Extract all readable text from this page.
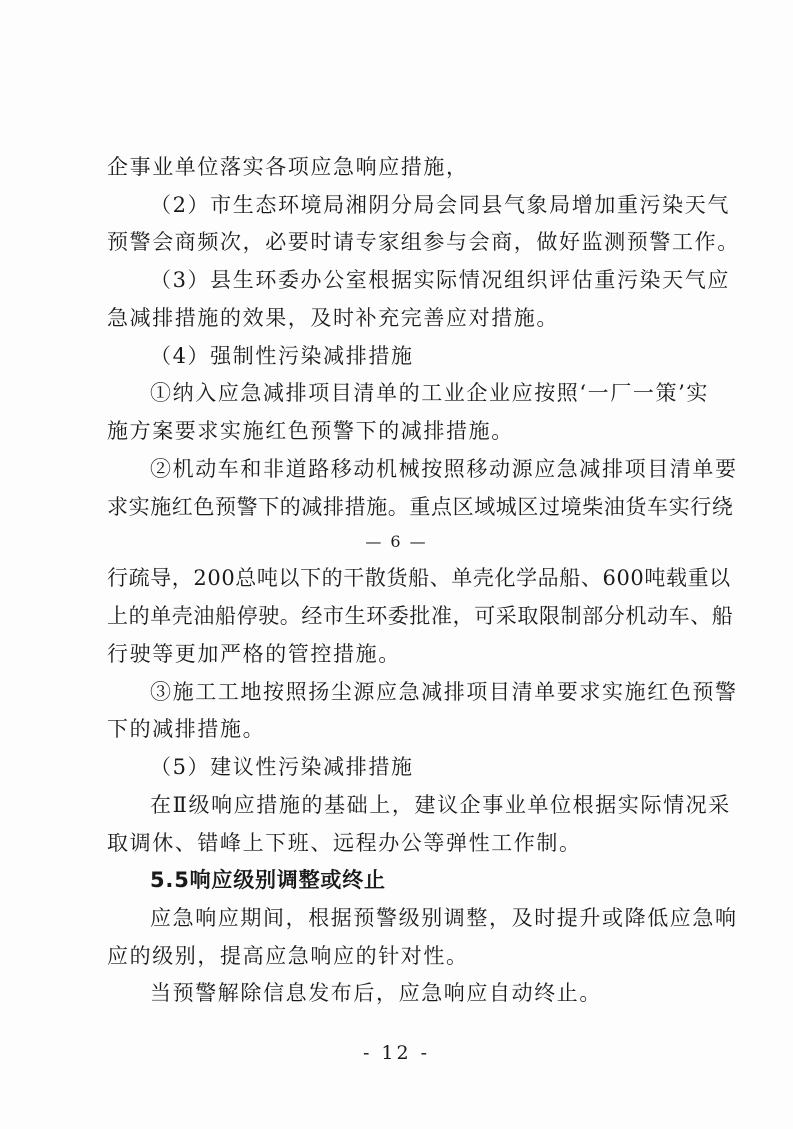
企事业单位落实各项应急响应措施，
（2）市生态环境局湘阴分局会同县气象局增加重污染天气
预警会商频次，必要时请专家组参与会商，做好监测预警工作。
（3）县生环委办公室根据实际情况组织评估重污染天气应
急减排措施的效果，及时补充完善应对措施。
（4）强制性污染减排措施
①纳入应急减排项目清单的工业企业应按照‘一厂一策’实
施方案要求实施红色预警下的减排措施。
②机动车和非道路移动机械按照移动源应急减排项目清单要
求实施红色预警下的减排措施。重点区域城区过境柴油货车实行绕
— 6 —
行疏导，200总吨以下的干散货船、单壳化学品船、600吨载重以
上的单壳油船停驶。经市生环委批准，可采取限制部分机动车、船
行驶等更加严格的管控措施。
③施工工地按照扬尘源应急减排项目清单要求实施红色预警
下的减排措施。
（5）建议性污染减排措施
在Ⅱ级响应措施的基础上，建议企事业单位根据实际情况采
取调休、错峰上下班、远程办公等弹性工作制。
5.5响应级别调整或终止
应急响应期间，根据预警级别调整，及时提升或降低应急响
应的级别，提高应急响应的针对性。
当预警解除信息发布后，应急响应自动终止。
- 12 -
